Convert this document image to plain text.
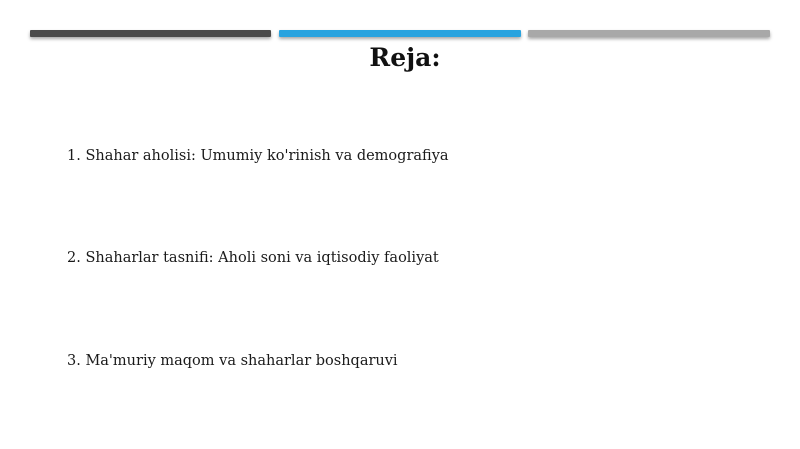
Reja:
1. Shahar aholisi: Umumiy ko'rinish va demografiya
2. Shaharlar tasnifi: Aholi soni va iqtisodiy faoliyat
3. Ma'muriy maqom va shaharlar boshqaruvi
